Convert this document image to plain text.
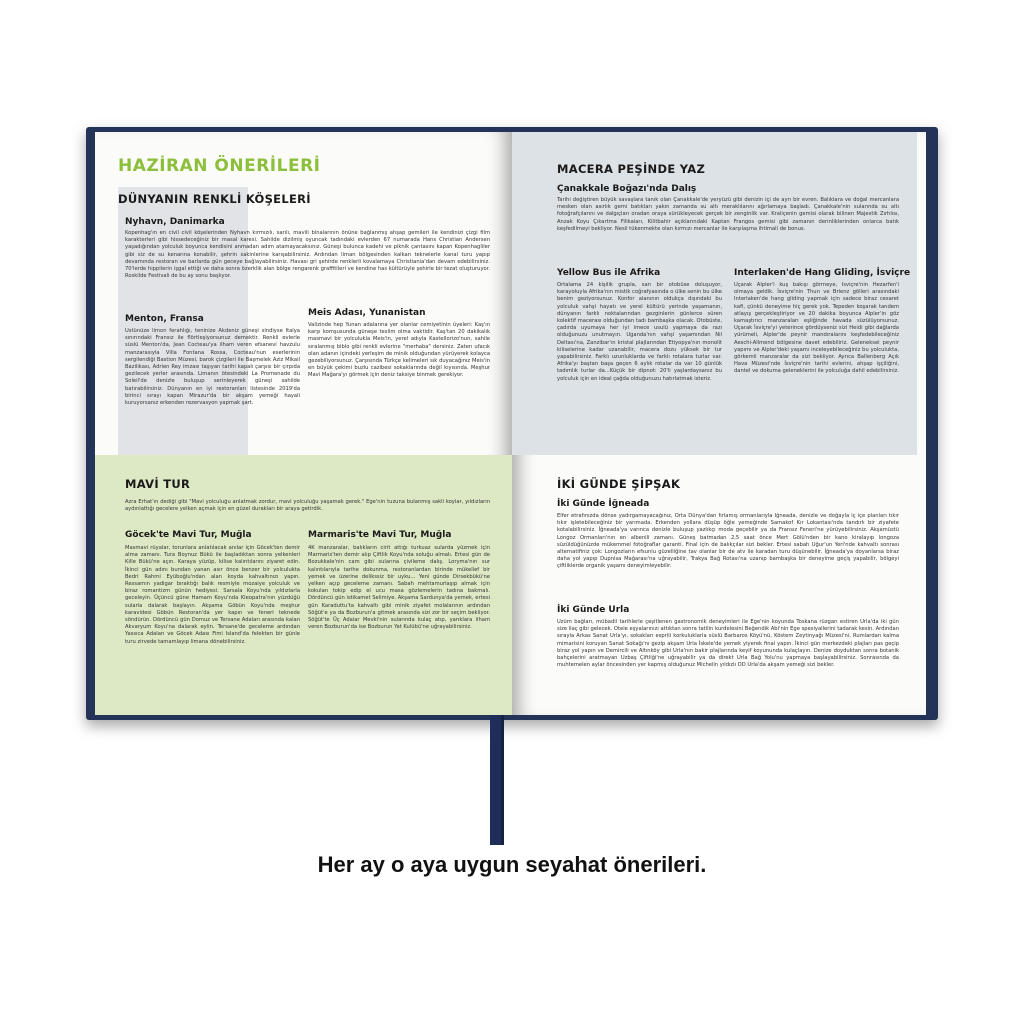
HAZİRAN ÖNERİLERİ
DÜNYANIN RENKLİ KÖŞELERİ
Nyhavn, Danimarka
Kopenhag'ın en civil civil köşelerinden Nyhavn kırmızılı, sarılı, mavili binalarının önüne bağlanmış ahşap gemileri ile kendinizi çizgi film karakterleri gibi hissedeceğiniz bir masal karesi. Sahilde dizilmiş oyuncak tadındaki evlerden 67 numarada Hans Christian Andersen yaşadığından yolculuk boyunca kendisini anmadan adım atamayacaksınız. Güneşi bulunca kadehi ve piknik çantasını kapan Kopenhagliler gibi siz de su kenarına konabilir, şehrin sakinlerine karışabilirsiniz. Ardından liman bölgesinden kalkan teknelerle kanal turu yapıp devamında restoran ve barlarda gün geceye bağlayabilirsiniz. Havası gri şehirde renklerli kovalamaya Christiania'dan devam edebilirsiniz. 70'lerde hippilerin işgal ettiği ve daha sonra özerklik alan bölge rengarenk graffitileri ve kendine has kültürüyle şehirle bir tezat oluşturuyor. Roskilde Festivali de bu ay sonu başlıyor.
Menton, Fransa
Üstünüze limon ferahlığı, teninize Akdeniz güneşi sindiyse İtalya sınırındaki Fransız ile flörtleşiyorsunuz demektir. Renkli evlerle süslü Menton'da, Jean Cocteau'ya ilham veren efsanevi havzulu manzarasıyla Villa Fontana Rossa, Cocteau'nun eserlerinin sergilendiği Bastion Müzesi, barok çizgileri ile Başmelek Aziz Mikail Bazilikası, Adrien Rey imzası taşıyan tarihi kapalı çarşısı bir çırpıda gezilecek yerler arasında. Limanın ötesindeki La Promenade du Soleil'de denizle buluşup serinleyerek güneşi sahilde batırabilirsiniz. Dünyanın en iyi restoranları listesinde 2019'da birinci sırayı kapan Mirazur'da bir akşam yemeği hayali kuruyorsanız erkenden rezervasyon yapmak şart.
Meis Adası, Yunanistan
Valizinde hep Yunan adalarına yer olanlar cemiyetinin üyeleri: Kaş'ın karşı komşusunda güneşe teslim olma vaktidir. Kaş'tan 20 dakikalık masmavi bir yolculukla Meis'in, yerel adıyla Kastellorizo'nun, sahile sıralanmış biblo gibi renkli evlerine "merhaba" dersiniz. Zaten ufacık olan adanın içindeki yerleşim de minik olduğundan yürüyerek kolayca gezebiliyorsunuz. Çarşısında Türkçe kelimeleri sık duyacağınız Meis'in en büyük çekimi buzlu cazibesi sokaklarında değil kıyısında. Meşhur Mavi Mağara'yı görmek için deniz taksiye binmek gerekiyor.
MAVİ TUR
Azra Erhat'ın dediği gibi "Mavi yolculuğu anlatmak zordur, mavi yolculuğu yaşamak gerek." Ege'nin tuzuna bulanmış sakli koylar, yıldızların aydınlattığı gecelere yelken açmak için en güzel durakları bir araya getirdik.
Göcek'te Mavi Tur, Muğla
Masmavi rüyalar, torunlara anlatılacak anılar için Göcek'ten demir alma zamanı. Tura Boynuz Bükü ile başladıktan sonra yelkenleri Kille Bükü'ne açın. Karaya yüzüp, kilise kalıntılarını ziyaret edin. İkinci gün adını bundan yanan asır önce benzer bir yolculukta Bedri Rahmi Eyüboğlu'ndan alan koyda kahvaltınızı yapın. Ressamın yadigar bıraktığı balık resmiyle mozaiye yolculuk ve biraz romantizm günün hediyesi. Sarsala Koyu'nda yıldızlarla geceleyin. Üçüncü güne Hamam Koyu'nda Kleopatra'nın yüzdüğü sularla dalarak başlayın. Akşama Göbün Koyu'nda meşhur karavidesi Göbün Restoran'da yer kapın ve feneri teknede söndürün. Dördüncü gün Domuz ve Tersane Adaları arasında kalan Akvaryum Koyu'na dalarak eylin. Tersane'de geceleme ardından Yassıca Adaları ve Göcek Adası Fimi Island'da felekten bir günle turu zirvede tamamlayıp limana dönebilirsiniz.
Marmaris'te Mavi Tur, Muğla
4K manzaralar, balıkların cirit attığı turkuaz sularda yüzmek için Marmaris'ten demir alıp Çiftlik Koyu'nda soluğu almalı. Ertesi gün de Bozukkale'nin cam gibi sularına çivileme dalış. Loryma'nın sur kalıntılarıyla tarihe dokunma, restoranlardan birinde mükellef bir yemek ve üzerine delikssiz bir uyku... Yeni günde Dirsekbükü'ne yelken açıp geceleme zamanı. Sabah mehtamurlaşıp almak için kokulan tokip edip el ucu masa gözlemelerin tadına bakmalı. Dördüncü gün istikamet Selimiye. Akşama Sardunya'da yemek, ertesi gün Karaduttu'ta kahvaltı gibi minik ziyafet molalarının ardından Söğüt'e ya da Bozburun'a gitmek arasında sizi zor bir seçim bekliyor. Söğüt'te Üç Adalar Mevki'nin sularında kulaç atıp, yarıklara ilham veren Bozburun'da ise Bozburun Yat Kulübü'ne uğrayabilirsiniz.
MACERA PEŞİNDE YAZ
Çanakkale Boğazı'nda Dalış
Tarihi değiştiren büyük savaşlara tanık olan Çanakkale'de yeryüzü gibi denizin içi de ayrı bir evren. Balıklara ve doğal mercanlara mesken olan asırlık gemi batıkları yakın zamanda su altı meraklılarını ağırlamaya başladı. Çanakkale'nin sularında su altı fotoğrafçılarını ve dalgıçları oradan oraya sürükleyecek gerçek bir zenginlik var. Kraliçenin gemisi olarak bilinen Majestik Zırhlısı, Anzak Koyu Çıkartma Filikaları, Kilitbahir açıklarındaki Kaptan Frangos gemisi gibi zamanın derinliklerinden onlarca batık keşfedilmeyi bekliyor. Nesli tükenmekte olan kırmızı mercanlar ile karşılaşma ihtimali de bonus.
Yellow Bus ile Afrika
Ortalama 24 kişilik grupla, sarı bir otobüse doluşuyor, karayoluyla Afrika'nın mistik coğrafyasında o ülke senin bu ülke benim geziyorsunuz. Konfor alanının oldukça dışındaki bu yolculuk vahşi hayatı ve yerel kültürü yerinde yaşamanın, dünyanın farklı noktalarından gezginlerin günlerce süren kolektif macerası olduğundan tadı bambaşka olacak. Otobüste, çadırda uyumaya her iyi imece usulü yapmaya da razı olduğunuzu unutmayın. Uganda'nın vahşi yaşamından Nil Deltası'na, Zanzibar'ın kristal plajlarından Etiyopya'nın monolit kiliselerine kadar uzanabilir, macera dozu yüksek bir tur yapabilirsiniz. Farklı uzunluklarda ve farklı rotalara turlar var. Afrika'yı baştan başa geçen 6 aylık rotalar da var 10 günlük tadımlık turlar da...Küçük bir dipnot: 20'li yaşlardaysanız bu yolculuk için en ideal çağda olduğunuzu hatırlatmak isteriz.
Interlaken'de Hang Gliding, İsviçre
Uçarak Alpler'i kuş bakışı görmeye, İsviçre'nin Hezarfen'i olmaya geldik. İsviçre'nin Thun ve Brienz gölleri arasındaki Interlaken'de hang gliding yapmak için sadece biraz cesaret kafi, çünkü deneyime hiç gerek yok. Tepeden koşarak tandem atlayış gerçekleştiriyor ve 20 dakika boyunca Alpler'in göz kamaştırıcı manzaraları eşliğinde havada süzülüyorsunuz. Uçarak İsviçre'yi yeterince gördüyseniz sizi Heidi gibi dağlarda yürümeli, Alpler'de peynir mandıralarını keşfedebileceğiniz Aeschi-Allmend bölgesine davet edebiliriz. Geleneksel peynir yapımı ve Alpler'deki yaşamı inceleyebileceğiniz bu yolculukta, görkemli manzaralar da sizi bekliyor. Ayrıca Ballenberg Açık Hava Müzesi'nde İsviçre'nin tarihi evlerini, ahşap işçiliğini, dantel ve dokuma geleneklerini ile yolculuğa dahil edebilirsiniz.
İKİ GÜNDE ŞİPŞAK
İki Günde İğneada
Elfer etrafınızda dönse yadırgamayacağınız, Orta Dünya'dan fırlamış ormanlarıyla İğneada, denizle ve doğayla iç içe planları tıkır tıkır işletebileceğiniz bir yarımada. Erkenden yollara düşüp öğle yemeğinde Samakof Kır Lokantası'nda tandırlı bir ziyafete kotalabilirsiniz. İğneada'ya varınca denizle buluşup yazlıkçı moda geçebilir ya da Fransız Feneri'ne yürüyebilirsiniz. Akşamüstü Longoz Ormanları'nın en albenili zamanı. Güneş batmadan 2,5 saat önce Mert Gölü'nden bir kano kiralayıp longoza süzüldüğünüzde mükemmel fotoğraflar garanti. Final için de balıkçılar sizi bekler. Ertesi sabah Uğur'un Yeri'nde kahvaltı sonrası alternatifiniz çok: Longozların efsunlu güzelliğine tav olanlar bir de atv ile karadan turu düşünebilir. İğneada'ya doyanlarsa biraz daha yol yapıp Dupnisa Mağarası'na uğrayabilir, Trakya Bağ Rotası'na uzanıp bambaşka bir deneyime geçiş yapabilir, bölgeyi çiftliklerde organik yaşamı deneyimleyebilir.
İki Günde Urla
Üzüm bağları, mübadil tarihlerle çeşitlenen gastronomik deneyimleri ile Ege'nin koyunda Toskana rüzgarı estiren Urla'da iki gün size ilaç gibi gelecek. Otele eşyalarınızı attıktan sonra tatilin kurdelesini Beğendik Abi'nin Ege spesiyallerini tadarak kesin. Ardından sırayla Arkas Sanat Urla'yı, sokakları esprili korkuluklarla süslü Barbaros Köyü'nü, Köstem Zeytinyağı Müzesi'ni, Rumlardan kalma mimarisini koruyan Sanat Sokağı'nı gezip akşam Urla İskele'de yemek yiyerek final yapın. İkinci gün merkezdeki plajları pas geçip biraz yol yapın ve Demircili ve Altınköy gibi Urla'nın bakir plajlarında keyif koyununda kulaçlayın. Denize doyduktan sonra botanik bahçelerini aratmayan Uzbaş Çiftliği'ne uğrayabilir ya da direkt Urla Bağ Yolu'nu yapmaya başlayabilirsiniz. Sonrasında da muhtemelen aylar öncesinden yer kapmış olduğunuz Michelin yıldızlı OD Urla'da akşam yemeği sizi bekler.
Her ay o aya uygun seyahat önerileri.
